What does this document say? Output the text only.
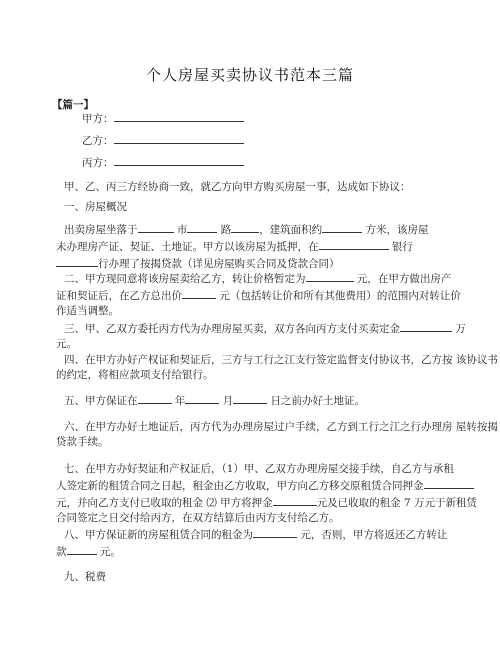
个人房屋买卖协议书范本三篇
【篇一】
甲方：
乙方：
丙方：
甲、乙、丙三方经协商一致，就乙方向甲方购买房屋一事，达成如下协议：
一、房屋概况
出卖房屋坐落于	市	路	，建筑面积约	方米，该房屋
未办理房产证、契证、土地证。甲方以该房屋为抵押，在	银行
行办理了按揭贷款（详见房屋购买合同及贷款合同）
二、甲方现同意将该房屋卖给乙方，转让价格暂定为	元，在甲方做出房产
证和契证后，在乙方总出价	元（包括转让价和所有其他费用）的范围内对转让价
作适当调整。
三、甲、乙双方委托丙方代为办理房屋买卖，双方各向丙方支付买卖定金	万
元。
四、在甲方办好产权证和契证后，三方与工行之江支行签定监督支付协议书，乙方按 该协议书
的约定，将相应款项支付给银行。
五、甲方保证在	年	月	日之前办好土地证。
六、在甲方办好土地证后，丙方代为办理房屋过户手续，乙方到工行之江之行办理房 屋转按揭
贷款手续。
七、在甲方办好契证和产权证后，（1）甲、乙双方办理房屋交接手续，自乙方与承租
人签定新的租赁合同之日起，租金由乙方收取，甲方向乙方移交原租赁合同押金
元，并向乙方支付已收取的租金 ⑵ 甲方将押金	元及已收取的租金 7 万元于新租赁
合同签定之日交付给丙方，在双方结算后由丙方支付给乙方。
八、甲方保证新的房屋租赁合同的租金为	元，否则，甲方将返还乙方转让
款	元。
九、税费
